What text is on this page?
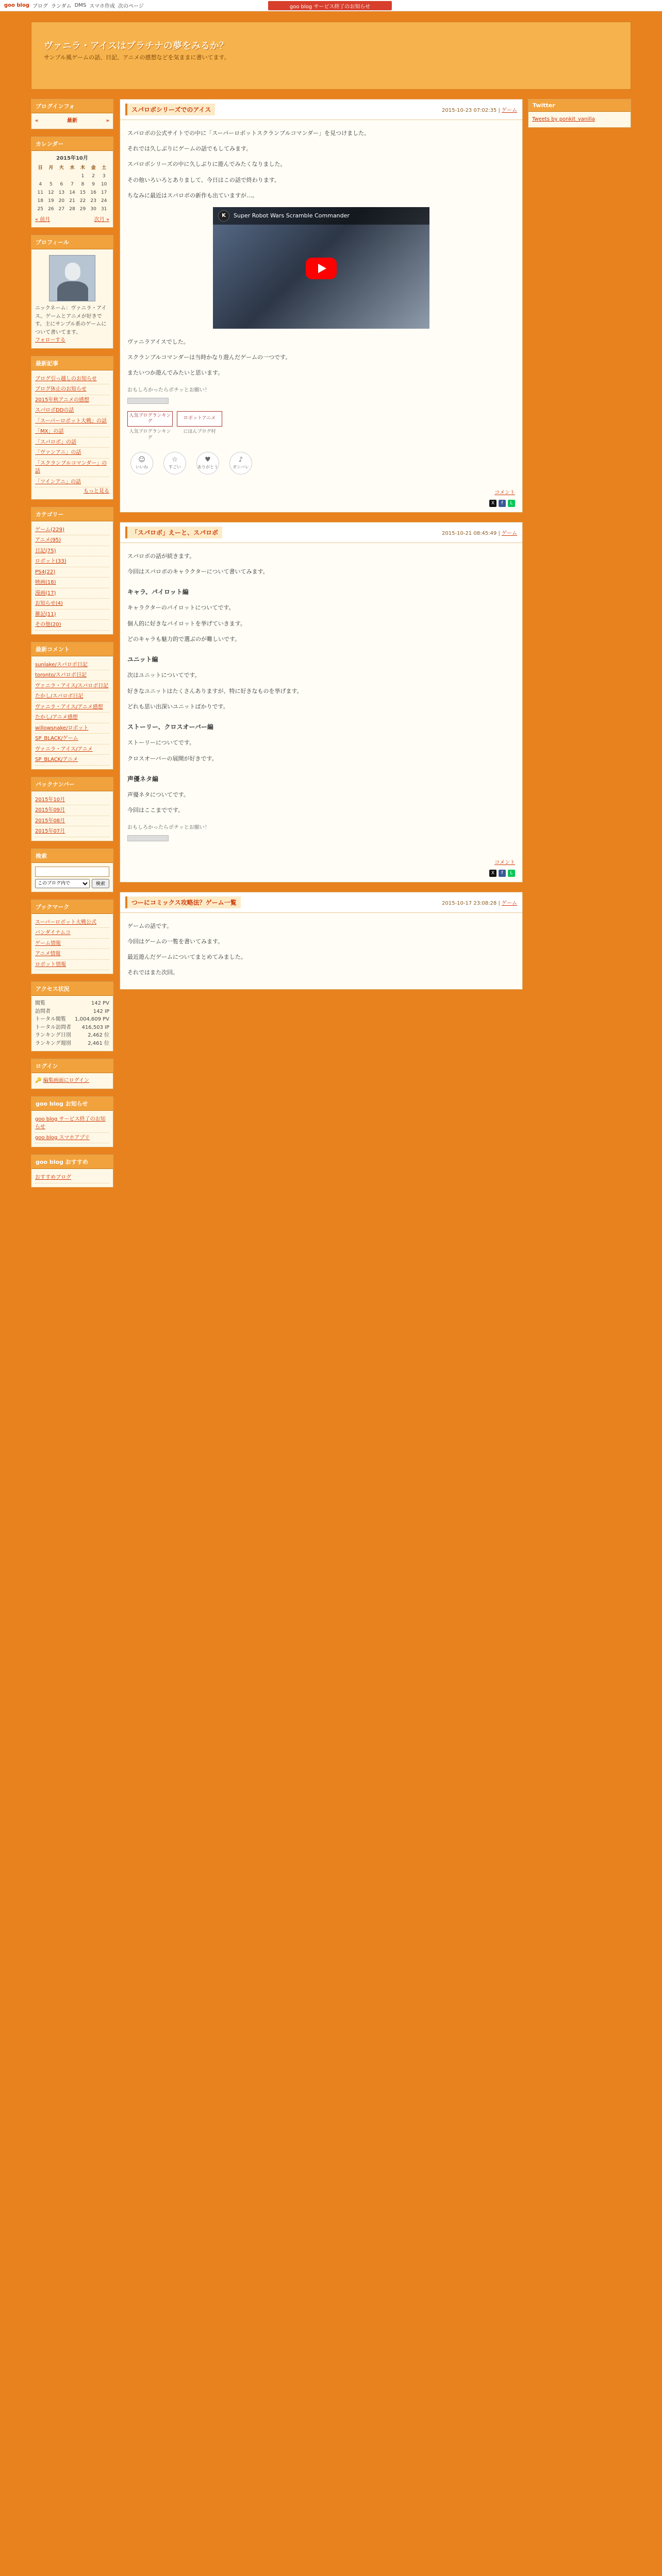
goo blog ブログ ランダム DMS スマホ作成 次のページ	goo blog サービス終了のお知らせ
ヴァニラ・アイスはプラチナの夢をみるか？
サンプル風ゲームの話、日記、アニメの感想などを気ままに書いてます。
ブログインフォ
«	最新	»
カレンダー
2015年10月
日	月	火	水	木	金	土
				1	2	3
4	5	6	7	8	9	10
11	12	13	14	15	16	17
18	19	20	21	22	23	24
25	26	27	28	29	30	31
« 前月	次月 »
プロフィール
ニックネーム：ヴァニラ・アイス。ゲームとアニメが好きです。主にサンプル系のゲームについて書いてます。
フォローする
最新記事
ブログ引っ越しのお知らせ
ブログ休止のお知らせ
2015年秋アニメの感想
スパロボDDの話
「スーパーロボット大戦」の話
「MX」の話
「スパロボ」の話
「ヴァンアニ」の話
「スクランブルコマンダー」の話
「ツインアニ」の話
もっと見る
カテゴリー
ゲーム(229)
アニメ(95)
日記(75)
ロボット(33)
PS4(22)
映画(18)
漫画(17)
お知らせ(4)
雑記(11)
その他(20)
最新コメント
sunlake/スパロボ日記
toronto/スパロボ日記
ヴァニラ・アイス/スパロボ日記
たかし/スパロボ日記
ヴァニラ・アイス/アニメ感想
たかし/アニメ感想
willowsnake/ロボット
SP_BLACK/ゲーム
ヴァニラ・アイス/アニメ
SP_BLACK/アニメ
バックナンバー
2015年10月
2015年09月
2015年08月
2015年07月
検索
このブログ内で
検索
ブックマーク
スーパーロボット大戦公式
バンダイナムコ
ゲーム情報
アニメ情報
ロボット情報
アクセス状況
閲覧	142 PV
訪問者	142 IP
トータル閲覧 1,004,609 PV
トータル訪問者 416,503 IP
ランキング日別	2,462 位
ランキング週別	2,461 位
ログイン
🔑 編集画面にログイン
goo blog お知らせ
goo blog サービス終了のお知らせ
goo blog スマホアプリ
goo blog おすすめ
おすすめブログ
スパロボシリーズでのアイス	2015-10-23 07:02:35 | ゲーム

スパロボの公式サイトでの中に「スーパーロボットスクランブルコマンダー」を見つけました。

それでは久しぶりにゲームの話でもしてみます。

スパロボシリーズの中に久しぶりに遊んでみたくなりました。

その他いろいろとありまして、今日はこの話で終わります。

ちなみに最近はスパロボの新作も出ていますが…。

K	Super Robot Wars Scramble Commander

ヴァニラアイスでした。

スクランブルコマンダーは当時かなり遊んだゲームの一つです。

またいつか遊んでみたいと思います。

おもしろかったらポチッとお願い！
人気ブログランキング
ロボットアニメ
人気ブログランキング
にほんブログ村
☺
いいね
☆
すごい
♥
ありがとう
♪
ガンバレ
コメント
X	f	L
「スパロボ」えーと、スパロボ	2015-10-21 08:45:49 | ゲーム

スパロボの話が続きます。

今回はスパロボのキャラクターについて書いてみます。

キャラ、パイロット編

キャラクターのパイロットについてです。

個人的に好きなパイロットを挙げていきます。

どのキャラも魅力的で選ぶのが難しいです。

ユニット編

次はユニットについてです。

好きなユニットはたくさんありますが、特に好きなものを挙げます。

どれも思い出深いユニットばかりです。

ストーリー、クロスオーバー編

ストーリーについてです。

クロスオーバーの展開が好きです。

声優ネタ編

声優ネタについてです。

今回はここまでです。

おもしろかったらポチッとお願い！
コメント
X	f	L
つーにコミックス攻略法？ゲーム一覧	2015-10-17 23:08:28 | ゲーム

ゲームの話です。

今回はゲームの一覧を書いてみます。

最近遊んだゲームについてまとめてみました。

それではまた次回。

Twitter
Tweets by ponkit_vanilla
